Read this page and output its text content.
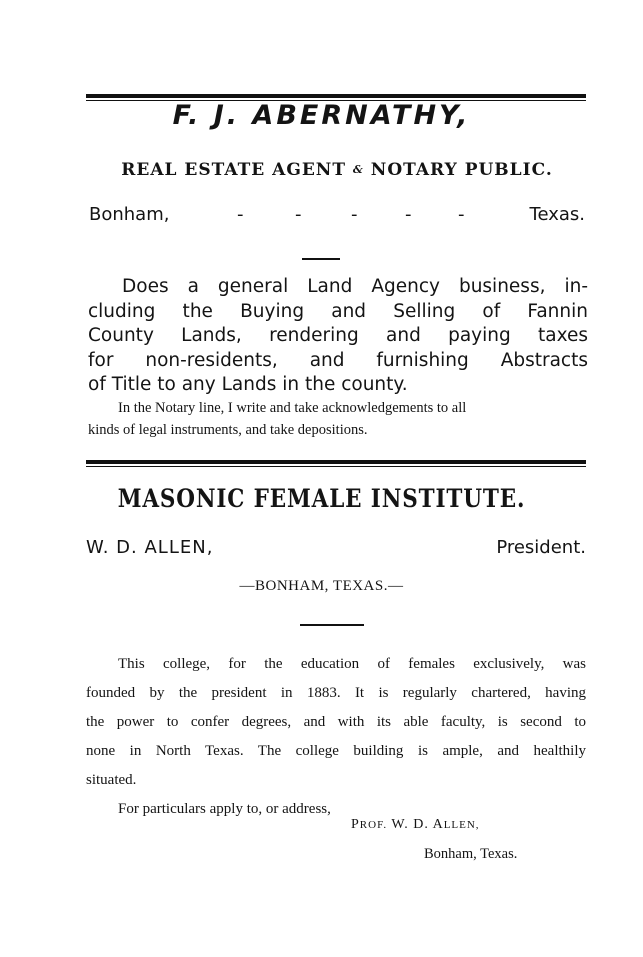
F. J. ABERNATHY,
REAL ESTATE AGENT & NOTARY PUBLIC.
Bonham,	-	-	-	-	-	Texas.

Does a general Land Agency business, in-

cluding the Buying and Selling of Fannin

County Lands, rendering and paying taxes

for non-residents, and furnishing Abstracts

of Title to any Lands in the county.

In the Notary line, I write and take acknowledgements to all

kinds of legal instruments, and take depositions.

MASONIC FEMALE INSTITUTE.
W. D. ALLEN,	President.
—BONHAM, TEXAS.—

This college, for the education of females exclusively, was

founded by the president in 1883. It is regularly chartered, having

the power to confer degrees, and with its able faculty, is second to

none in North Texas. The college building is ample, and healthily

situated.

For particulars apply to, or address,

PROF. W. D. ALLEN,
Bonham, Texas.
